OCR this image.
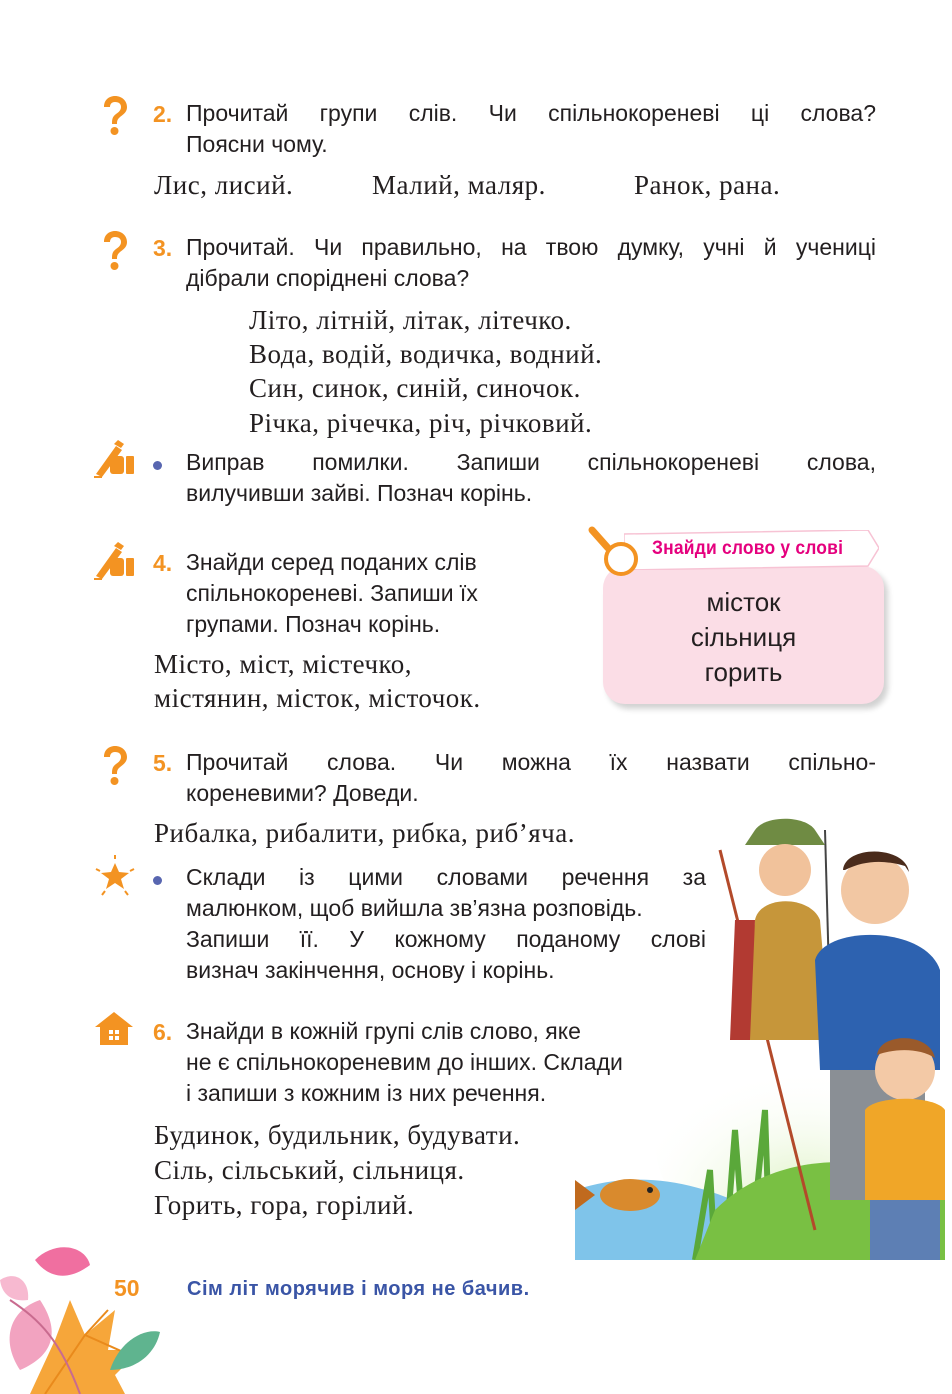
2. Прочитай групи слів. Чи спільнокореневі ці слова?
Поясни чому.
Лис, лисий.	Малий, маляр.	Ранок, рана.
3. Прочитай. Чи правильно, на твою думку, учні й учениці
дібрали споріднені слова?
Літо, літній, літак, літечко.
Вода, водій, водичка, водний.
Син, синок, синій, синочок.
Річка, річечка, річ, річковий.
Виправ помилки. Запиши спільнокореневі слова,
вилучивши зайві. Познач корінь.
4. Знайди серед поданих слів
спільнокореневі. Запиши їх
групами. Познач корінь.
Місто, міст, містечко,
містянин, місток, місточок.
Знайди слово у слові
місток
сільниця
горить
5. Прочитай слова. Чи можна їх назвати спільно-
кореневими? Доведи.
Рибалка, рибалити, рибка, риб’яча.
Склади із цими словами речення за
малюнком, щоб вийшла зв’язна розповідь.
Запиши її. У кожному поданому слові
визнач закінчення, основу і корінь.
6. Знайди в кожній групі слів слово, яке
не є спільнокореневим до інших. Склади
і запиши з кожним із них речення.
Будинок, будильник, будувати.
Сіль, сільський, сільниця.
Горить, гора, горілий.
50 Сім літ морячив і моря не бачив.
